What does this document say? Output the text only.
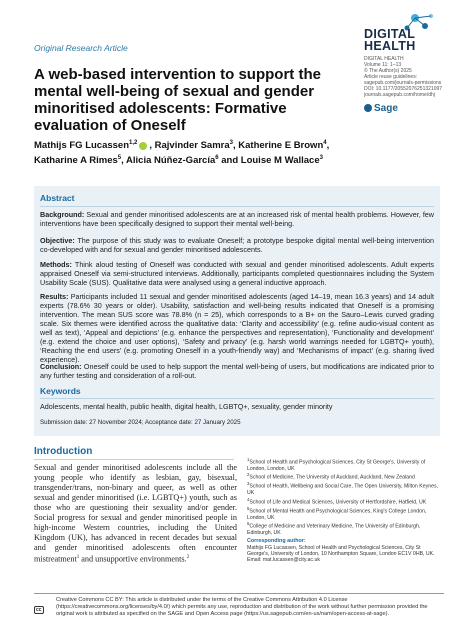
Original Research Article
DIGITAL
HEALTH
DIGITAL HEALTH
Volume 11: 1–13
© The Author(s) 2025
Article reuse guidelines:
sagepub.com/journals-permissions
DOI: 10.1177/20552076251321097
journals.sagepub.com/home/dhj
Sage
A web-based intervention to support the mental well-being of sexual and gender minoritised adolescents: Formative evaluation of Oneself
Mathijs FG Lucassen$^{1,2}$ , Rajvinder Samra$^3$, Katherine E Brown$^4$,
Katharine A Rimes$^5$, Alicia Núñez-García$^6$ and Louise M Wallace$^3$
Abstract
Background: Sexual and gender minoritised adolescents are at an increased risk of mental health problems. However, few interventions have been specifically designed to support their mental well-being.
Objective: The purpose of this study was to evaluate Oneself; a prototype bespoke digital mental well-being intervention co-developed with and for sexual and gender minoritised adolescents.
Methods: Think aloud testing of Oneself was conducted with sexual and gender minoritised adolescents. Adult experts appraised Oneself via semi-structured interviews. Additionally, participants completed questionnaires including the System Usability Scale (SUS). Qualitative data were analysed using a general inductive approach.
Results: Participants included 11 sexual and gender minoritised adolescents (aged 14–19, mean 16.3 years) and 14 adult experts (78.6% 30 years or older). Usability, satisfaction and well-being results indicated that Oneself is a promising intervention. The mean SUS score was 78.8% (n = 25), which corresponds to a B+ on the Sauro–Lewis curved grading scale. Six themes were identified across the qualitative data: ‘Clarity and accessibility’ (e.g. refine audio-visual content as well as text), ‘Appeal and depictions’ (e.g. enhance the perspectives and representation), ‘Functionality and development’ (e.g. extend the choice and user options), ‘Safety and privacy’ (e.g. harsh world warnings needed for LGBTQ+ youth), ‘Reaching the end users’ (e.g. promoting Oneself in a youth-friendly way) and ‘Mechanisms of impact’ (e.g. sharing lived experience).
Conclusion: Oneself could be used to help support the mental well-being of users, but modifications are indicated prior to any further testing and consideration of a roll-out.
Keywords
Adolescents, mental health, public health, digital health, LGBTQ+, sexuality, gender minority
Submission date: 27 November 2024; Acceptance date: 27 January 2025
Introduction
Sexual and gender minoritised adolescents include all the young people who identify as lesbian, gay, bisexual, transgender/trans, non-binary and queer, as well as other sexual and gender minoritised (i.e. LGBTQ+) youth, such as those who are questioning their sexuality and/or gender. Social progress for sexual and gender minoritised people in high-income Western countries, including the United Kingdom (UK), has advanced in recent decades but sexual and gender minoritised adolescents often encounter mistreatment$^1$ and unsupportive environments.$^2$
$^1$School of Health and Psychological Sciences, City St George's, University of London, London, UK
$^2$School of Medicine, The University of Auckland, Auckland, New Zealand
$^3$School of Health, Wellbeing and Social Care, The Open University, Milton Keynes, UK
$^4$School of Life and Medical Sciences, University of Hertfordshire, Hatfield, UK
$^5$School of Mental Health and Psychological Sciences, King's College London, London, UK
$^6$College of Medicine and Veterinary Medicine, The University of Edinburgh, Edinburgh, UK
Corresponding author:
Mathijs FG Lucassen, School of Health and Psychological Sciences, City St George's, University of London, 10 Northampton Square, London EC1V 0HB, UK.
Email: mat.lucassen@city.ac.uk
cc
Creative Commons CC BY: This article is distributed under the terms of the Creative Commons Attribution 4.0 License (https://creativecommons.org/licenses/by/4.0/) which permits any use, reproduction and distribution of the work without further permission provided the original work is attributed as specified on the SAGE and Open Access page (https://us.sagepub.com/en-us/nam/open-access-at-sage).
